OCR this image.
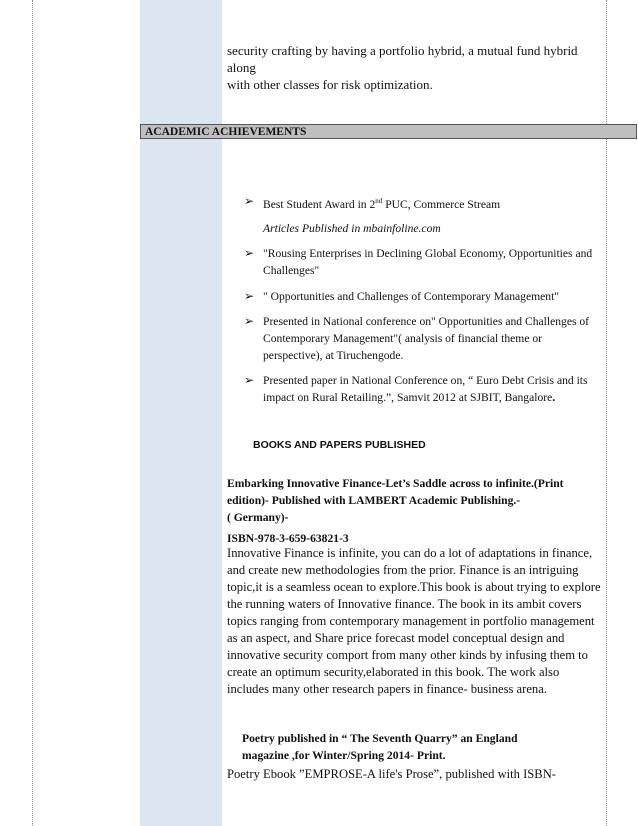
security crafting by having a portfolio hybrid, a mutual fund hybrid along
with other classes for risk optimization.
ACADEMIC ACHIEVEMENTS
➢ Best Student Award in 2nd PUC, Commerce Stream
Articles Published in mbainfoline.com
➢ "Rousing Enterprises in Declining Global Economy, Opportunities and
Challenges"
➢ " Opportunities and Challenges of Contemporary Management"
➢ Presented in National conference on" Opportunities and Challenges of
Contemporary Management"( analysis of financial theme or
perspective), at Tiruchengode.
➢ Presented paper in National Conference on, “ Euro Debt Crisis and its
impact on Rural Retailing.”, Samvit 2012 at SJBIT, Bangalore.
BOOKS AND PAPERS PUBLISHED
Embarking Innovative Finance-Let’s Saddle across to infinite.(Print
edition)- Published with LAMBERT Academic Publishing.-
( Germany)-
ISBN-978-3-659-63821-3
Innovative Finance is infinite, you can do a lot of adaptations in finance,
and create new methodologies from the prior. Finance is an intriguing
topic,it is a seamless ocean to explore.This book is about trying to explore
the running waters of Innovative finance. The book in its ambit covers
topics ranging from contemporary management in portfolio management
as an aspect, and Share price forecast model conceptual design and
innovative security comport from many other kinds by infusing them to
create an optimum security,elaborated in this book. The work also
includes many other research papers in finance- business arena.
Poetry published in “ The Seventh Quarry” an England
magazine ,for Winter/Spring 2014- Print.
Poetry Ebook ”EMPROSE-A life's Prose”, published with ISBN-
